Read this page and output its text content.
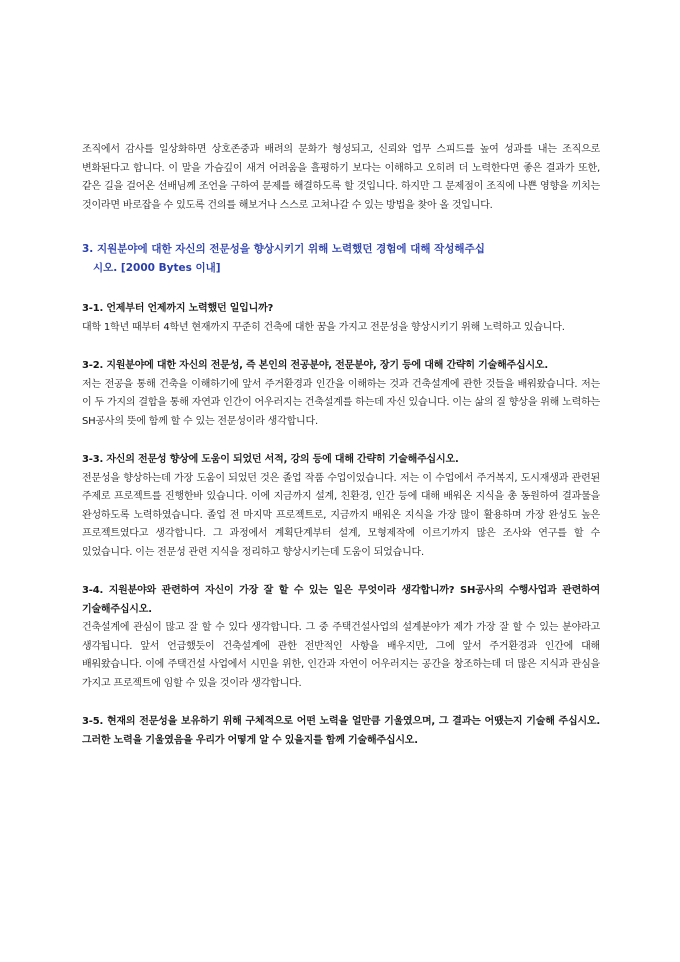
조직에서 감사를 일상화하면 상호존중과 배려의 문화가 형성되고, 신뢰와 업무 스피드를 높여 성과를 내는 조직으로 변화된다고 합니다. 이 말을 가슴깊이 새겨 어려움을 흘평하기 보다는 이해하고 오히려 더 노력한다면 좋은 결과가 또한, 같은 길을 걸어온 선배님께 조언을 구하여 문제를 해결하도록 할 것입니다. 하지만 그 문제점이 조직에 나쁜 영향을 끼치는 것이라면 바로잡을 수 있도록 건의를 해보거나 스스로 고쳐나갈 수 있는 방법을 찾아 올 것입니다.

3. 지원분야에 대한 자신의 전문성을 향상시키기 위해 노력했던 경험에 대해 작성해주십
시오. [2000 Bytes 이내]

3-1. 언제부터 언제까지 노력했던 일입니까?

대학 1학년 때부터 4학년 현재까지 꾸준히 건축에 대한 꿈을 가지고 전문성을 향상시키기 위해 노력하고 있습니다.

3-2. 지원분야에 대한 자신의 전문성, 즉 본인의 전공분야, 전문분야, 장기 등에 대해 간략히 기술해주십시오.

저는 전공을 통해 건축을 이해하기에 앞서 주거환경과 인간을 이해하는 것과 건축설계에 관한 것들을 배워왔습니다. 저는 이 두 가지의 결합을 통해 자연과 인간이 어우러지는 건축설계를 하는데 자신 있습니다. 이는 삶의 질 향상을 위해 노력하는 SH공사의 뜻에 함께 할 수 있는 전문성이라 생각합니다.

3-3. 자신의 전문성 향상에 도움이 되었던 서적, 강의 등에 대해 간략히 기술해주십시오.

전문성을 향상하는데 가장 도움이 되었던 것은 졸업 작품 수업이었습니다. 저는 이 수업에서 주거복지, 도시재생과 관련된 주제로 프로젝트를 진행한바 있습니다. 이에 지금까지 설계, 친환경, 인간 등에 대해 배워온 지식을 총 동원하여 결과물을 완성하도록 노력하였습니다. 졸업 전 마지막 프로젝트로, 지금까지 배워온 지식을 가장 많이 활용하며 가장 완성도 높은 프로젝트였다고 생각합니다. 그 과정에서 계획단계부터 설계, 모형제작에 이르기까지 많은 조사와 연구를 할 수 있었습니다. 이는 전문성 관련 지식을 정리하고 향상시키는데 도움이 되었습니다.

3-4. 지원분야와 관련하여 자신이 가장 잘 할 수 있는 일은 무엇이라 생각합니까? SH공사의 수행사업과 관련하여 기술해주십시오.

건축설계에 관심이 많고 잘 할 수 있다 생각합니다. 그 중 주택건설사업의 설계분야가 제가 가장 잘 할 수 있는 분야라고 생각됩니다. 앞서 언급했듯이 건축설계에 관한 전반적인 사항을 배우지만, 그에 앞서 주거환경과 인간에 대해 배워왔습니다. 이에 주택건설 사업에서 시민을 위한, 인간과 자연이 어우러지는 공간을 창조하는데 더 많은 지식과 관심을 가지고 프로젝트에 임할 수 있을 것이라 생각합니다.

3-5. 현재의 전문성을 보유하기 위해 구체적으로 어떤 노력을 얼만큼 기울였으며, 그 결과는 어땠는지 기술해 주십시오. 그러한 노력을 기울였음을 우리가 어떻게 알 수 있을지를 함께 기술해주십시오.
